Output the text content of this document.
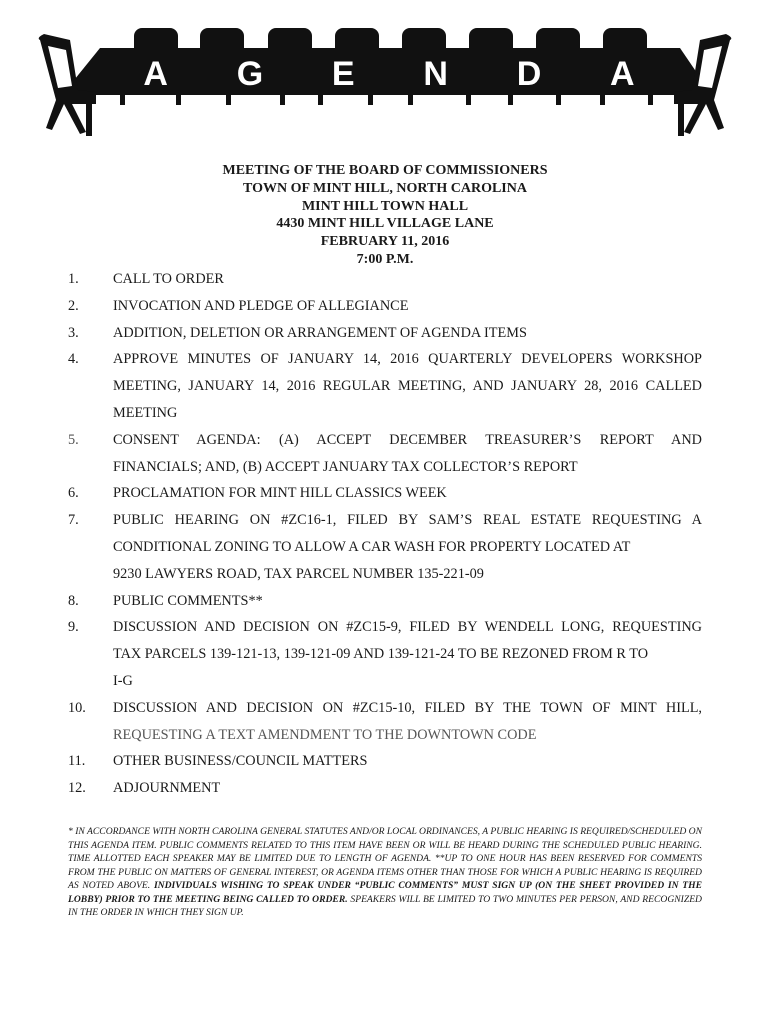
A G E N D A
MEETING OF THE BOARD OF COMMISSIONERS
TOWN OF MINT HILL, NORTH CAROLINA
MINT HILL TOWN HALL
4430 MINT HILL VILLAGE LANE
FEBRUARY 11, 2016
7:00 P.M.
1. CALL TO ORDER
2. INVOCATION AND PLEDGE OF ALLEGIANCE
3. ADDITION, DELETION OR ARRANGEMENT OF AGENDA ITEMS
4. APPROVE MINUTES OF JANUARY 14, 2016 QUARTERLY DEVELOPERS WORKSHOP
MEETING, JANUARY 14, 2016 REGULAR MEETING, AND JANUARY 28, 2016 CALLED
MEETING
5. CONSENT AGENDA: (A) ACCEPT DECEMBER TREASURER’S REPORT AND
FINANCIALS; AND, (B) ACCEPT JANUARY TAX COLLECTOR’S REPORT
6. PROCLAMATION FOR MINT HILL CLASSICS WEEK
7. PUBLIC HEARING ON #ZC16-1, FILED BY SAM’S REAL ESTATE REQUESTING A
CONDITIONAL ZONING TO ALLOW A CAR WASH FOR PROPERTY LOCATED AT
9230 LAWYERS ROAD, TAX PARCEL NUMBER 135-221-09
8. PUBLIC COMMENTS**
9. DISCUSSION AND DECISION ON #ZC15-9, FILED BY WENDELL LONG, REQUESTING
TAX PARCELS 139-121-13, 139-121-09 AND 139-121-24 TO BE REZONED FROM R TO
I-G
10. DISCUSSION AND DECISION ON #ZC15-10, FILED BY THE TOWN OF MINT HILL,
REQUESTING A TEXT AMENDMENT TO THE DOWNTOWN CODE
11. OTHER BUSINESS/COUNCIL MATTERS
12. ADJOURNMENT
* IN ACCORDANCE WITH NORTH CAROLINA GENERAL STATUTES AND/OR LOCAL ORDINANCES, A PUBLIC HEARING IS REQUIRED/SCHEDULED ON THIS AGENDA ITEM. PUBLIC COMMENTS RELATED TO THIS ITEM HAVE BEEN OR WILL BE HEARD DURING THE SCHEDULED PUBLIC HEARING. TIME ALLOTTED EACH SPEAKER MAY BE LIMITED DUE TO LENGTH OF AGENDA. **UP TO ONE HOUR HAS BEEN RESERVED FOR COMMENTS FROM THE PUBLIC ON MATTERS OF GENERAL INTEREST, OR AGENDA ITEMS OTHER THAN THOSE FOR WHICH A PUBLIC HEARING IS REQUIRED AS NOTED ABOVE. INDIVIDUALS WISHING TO SPEAK UNDER “PUBLIC COMMENTS” MUST SIGN UP (ON THE SHEET PROVIDED IN THE LOBBY) PRIOR TO THE MEETING BEING CALLED TO ORDER. SPEAKERS WILL BE LIMITED TO TWO MINUTES PER PERSON, AND RECOGNIZED IN THE ORDER IN WHICH THEY SIGN UP.
